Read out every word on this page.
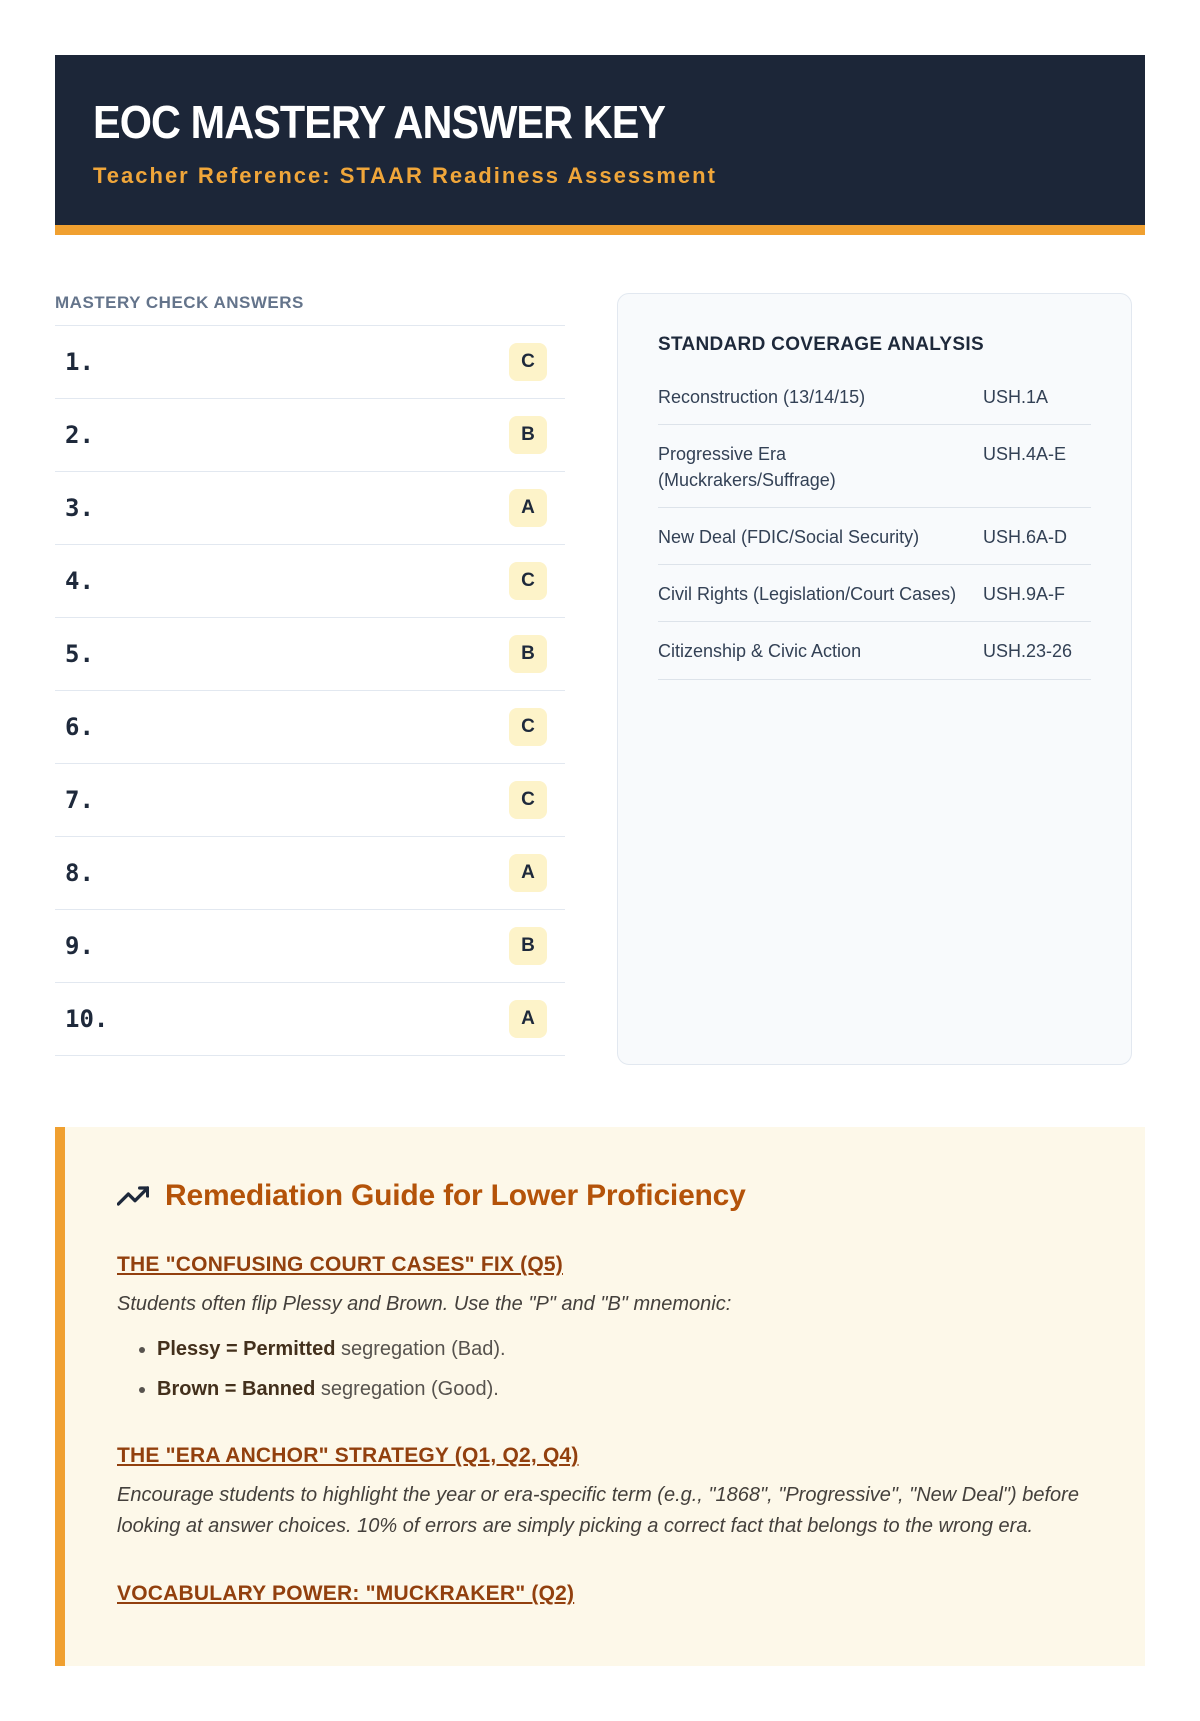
EOC MASTERY ANSWER KEY
Teacher Reference: STAAR Readiness Assessment
MASTERY CHECK ANSWERS
1.	C
2.	B
3.	A
4.	C
5.	B
6.	C
7.	C
8.	A
9.	B
10.	A
STANDARD COVERAGE ANALYSIS
Reconstruction (13/14/15)	USH.1A
Progressive Era (Muckrakers/Suffrage)
USH.4A-E
New Deal (FDIC/Social Security)	USH.6A-D
Civil Rights (Legislation/Court Cases) USH.9A-F
Citizenship & Civic Action	USH.23-26
Remediation Guide for Lower Proficiency
THE "CONFUSING COURT CASES" FIX (Q5)
Students often flip Plessy and Brown. Use the "P" and "B" mnemonic:
• Plessy = Permitted segregation (Bad).
• Brown = Banned segregation (Good).
THE "ERA ANCHOR" STRATEGY (Q1, Q2, Q4)
Encourage students to highlight the year or era-specific term (e.g., "1868", "Progressive", "New Deal") before looking at answer choices. 10% of errors are simply picking a correct fact that belongs to the wrong era.
VOCABULARY POWER: "MUCKRAKER" (Q2)
